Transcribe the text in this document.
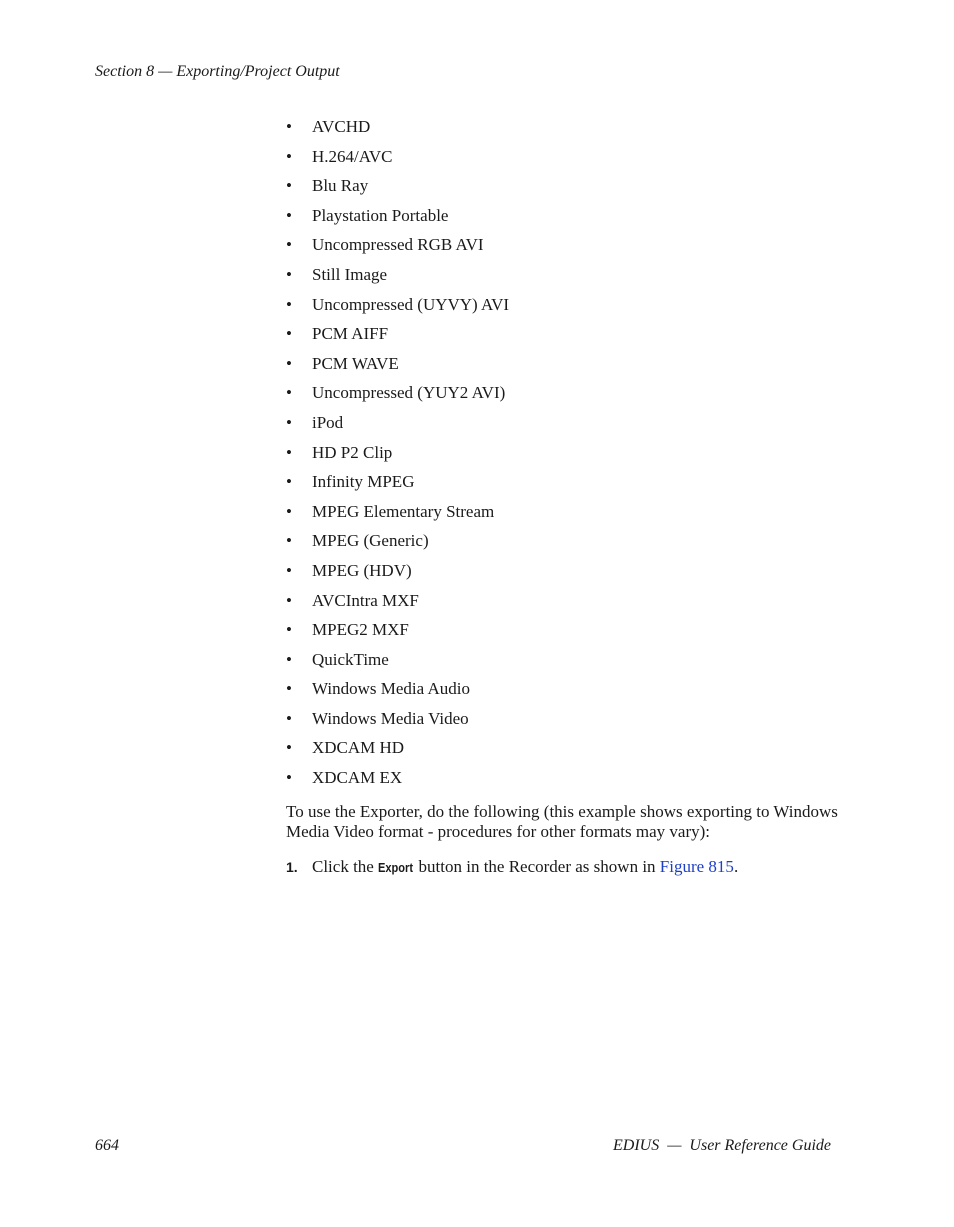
Section 8 — Exporting/Project Output
• AVCHD
• H.264/AVC
• Blu Ray
• Playstation Portable
• Uncompressed RGB AVI
• Still Image
• Uncompressed (UYVY) AVI
• PCM AIFF
• PCM WAVE
• Uncompressed (YUY2 AVI)
• iPod
• HD P2 Clip
• Infinity MPEG
• MPEG Elementary Stream
• MPEG (Generic)
• MPEG (HDV)
• AVCIntra MXF
• MPEG2 MXF
• QuickTime
• Windows Media Audio
• Windows Media Video
• XDCAM HD
• XDCAM EX

To use the Exporter, do the following (this example shows exporting to Windows Media Video format - procedures for other formats may vary):

1. Click the Export button in the Recorder as shown in Figure 815.
664	EDIUS  —  User Reference Guide
